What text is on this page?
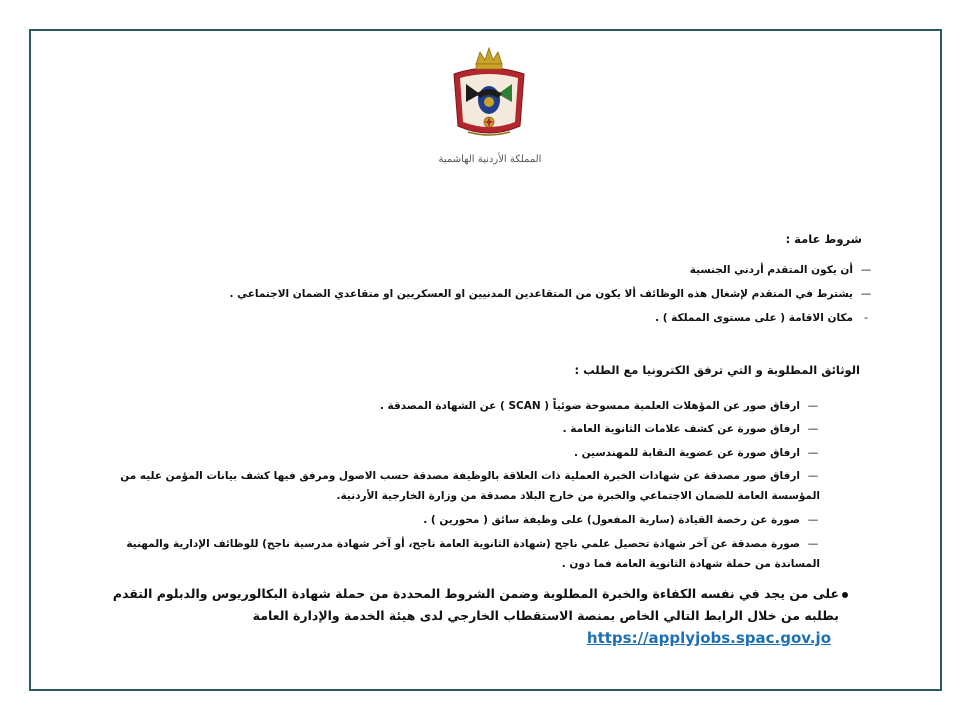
المملكة الأردنية الهاشمية
شروط عامة :
—أن يكون المتقدم أردني الجنسية
—يشترط في المتقدم لإشغال هذه الوظائف ألا يكون من المتقاعدين المدنيين او العسكريين او متقاعدي الضمان الاجتماعي .
-مكان الاقامة ( على مستوى المملكة ) .
الوثائق المطلوبة و التي ترفق الكترونيا مع الطلب :
—ارفاق صور عن المؤهلات العلمية ممسوحة ضوئياً ( SCAN ) عن الشهادة المصدقة .
—ارفاق صورة عن كشف علامات الثانوية العامة .
—ارفاق صورة عن عضوية النقابة للمهندسين .
—ارفاق صور مصدقة عن شهادات الخبرة العملية ذات العلاقة بالوظيفة مصدقة حسب الاصول ومرفق فيها كشف بيانات المؤمن عليه من المؤسسة العامة للضمان الاجتماعي والخبرة من خارج البلاد مصدقة من وزارة الخارجية الأردنية.
—صورة عن رخصة القيادة (سارية المفعول) على وظيفة سائق ( محورين ) .
—صورة مصدقة عن آخر شهادة تحصيل علمي ناجح (شهادة الثانوية العامة ناجح، أو آخر شهادة مدرسية ناجح) للوظائف الإدارية والمهنية المساندة من حملة شهادة الثانوية العامة فما دون .
على من يجد في نفسه الكفاءة والخبرة المطلوبة وضمن الشروط المحددة من حملة شهادة البكالوريوس والدبلوم التقدم بطلبه من خلال الرابط التالي الخاص بمنصة الاستقطاب الخارجي لدى هيئة الخدمة والإدارة العامة https://applyjobs.spac.gov.jo
